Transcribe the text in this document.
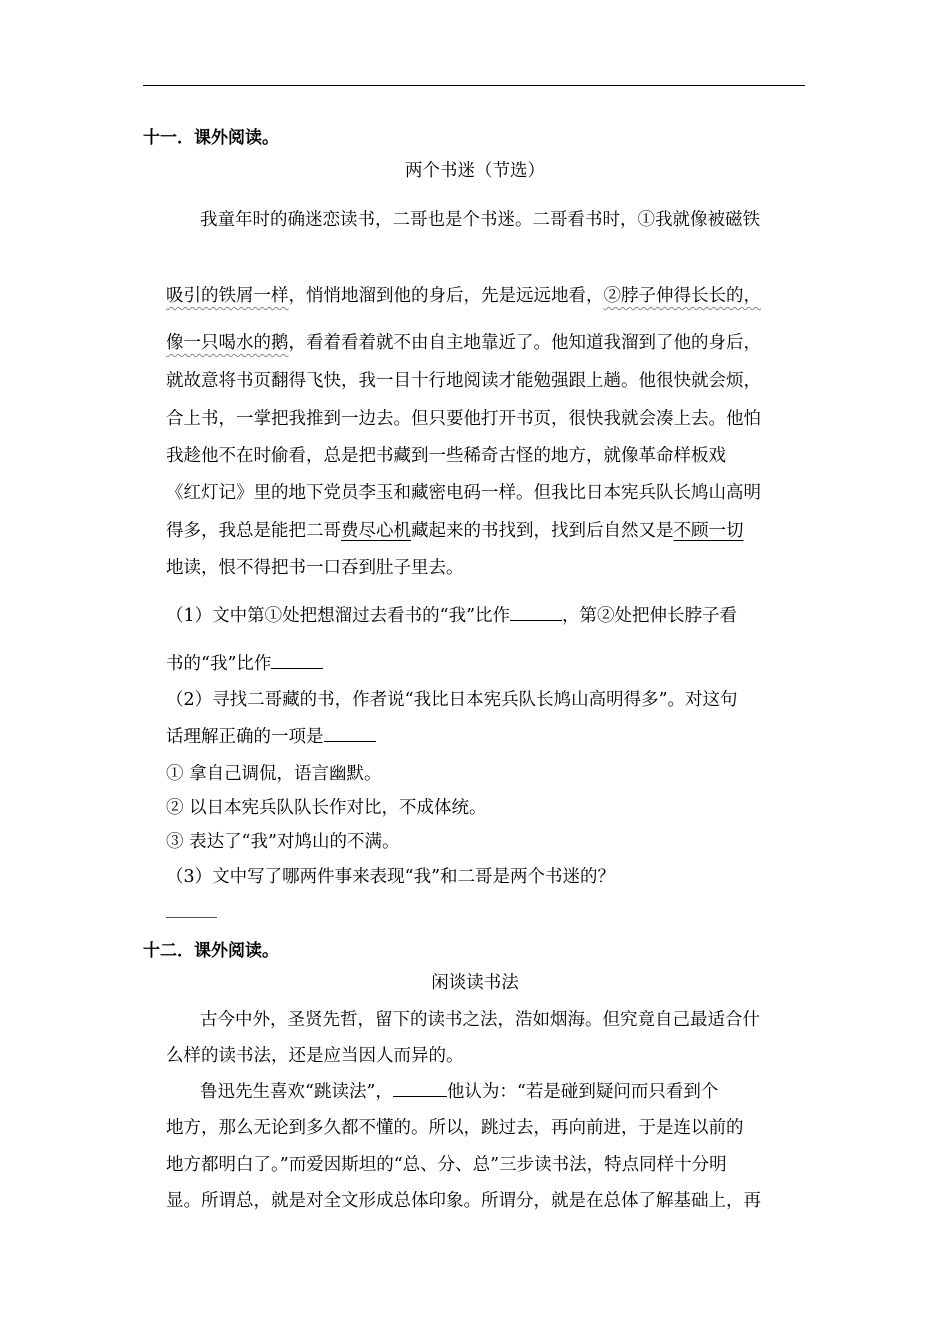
十一．课外阅读。
两个书迷（节选）
我童年时的确迷恋读书，二哥也是个书迷。二哥看书时，①我就像被磁铁
吸引的铁屑一样，悄悄地溜到他的身后，先是远远地看，②脖子伸得长长的，
像一只喝水的鹅，看着看着就不由自主地靠近了。他知道我溜到了他的身后，
就故意将书页翻得飞快，我一目十行地阅读才能勉强跟上趟。他很快就会烦，
合上书，一掌把我推到一边去。但只要他打开书页，很快我就会凑上去。他怕
我趁他不在时偷看，总是把书藏到一些稀奇古怪的地方，就像革命样板戏
《红灯记》里的地下党员李玉和藏密电码一样。但我比日本宪兵队长鸠山高明
得多，我总是能把二哥费尽心机藏起来的书找到，找到后自然又是不顾一切
地读，恨不得把书一口吞到肚子里去。
（1）文中第①处把想溜过去看书的“我”比作	，第②处把伸长脖子看
书的“我”比作
（2）寻找二哥藏的书，作者说“我比日本宪兵队长鸠山高明得多”。对这句
话理解正确的一项是
① 拿自己调侃，语言幽默。
② 以日本宪兵队队长作对比，不成体统。
③ 表达了“我”对鸠山的不满。
（3）文中写了哪两件事来表现“我”和二哥是两个书迷的？
十二．课外阅读。
闲谈读书法
古今中外，圣贤先哲，留下的读书之法，浩如烟海。但究竟自己最适合什
么样的读书法，还是应当因人而异的。
鲁迅先生喜欢“跳读法”，	他认为：“若是碰到疑问而只看到个
地方，那么无论到多久都不懂的。所以，跳过去，再向前进，于是连以前的
地方都明白了。”而爱因斯坦的“总、分、总”三步读书法，特点同样十分明
显。所谓总，就是对全文形成总体印象。所谓分，就是在总体了解基础上，再
